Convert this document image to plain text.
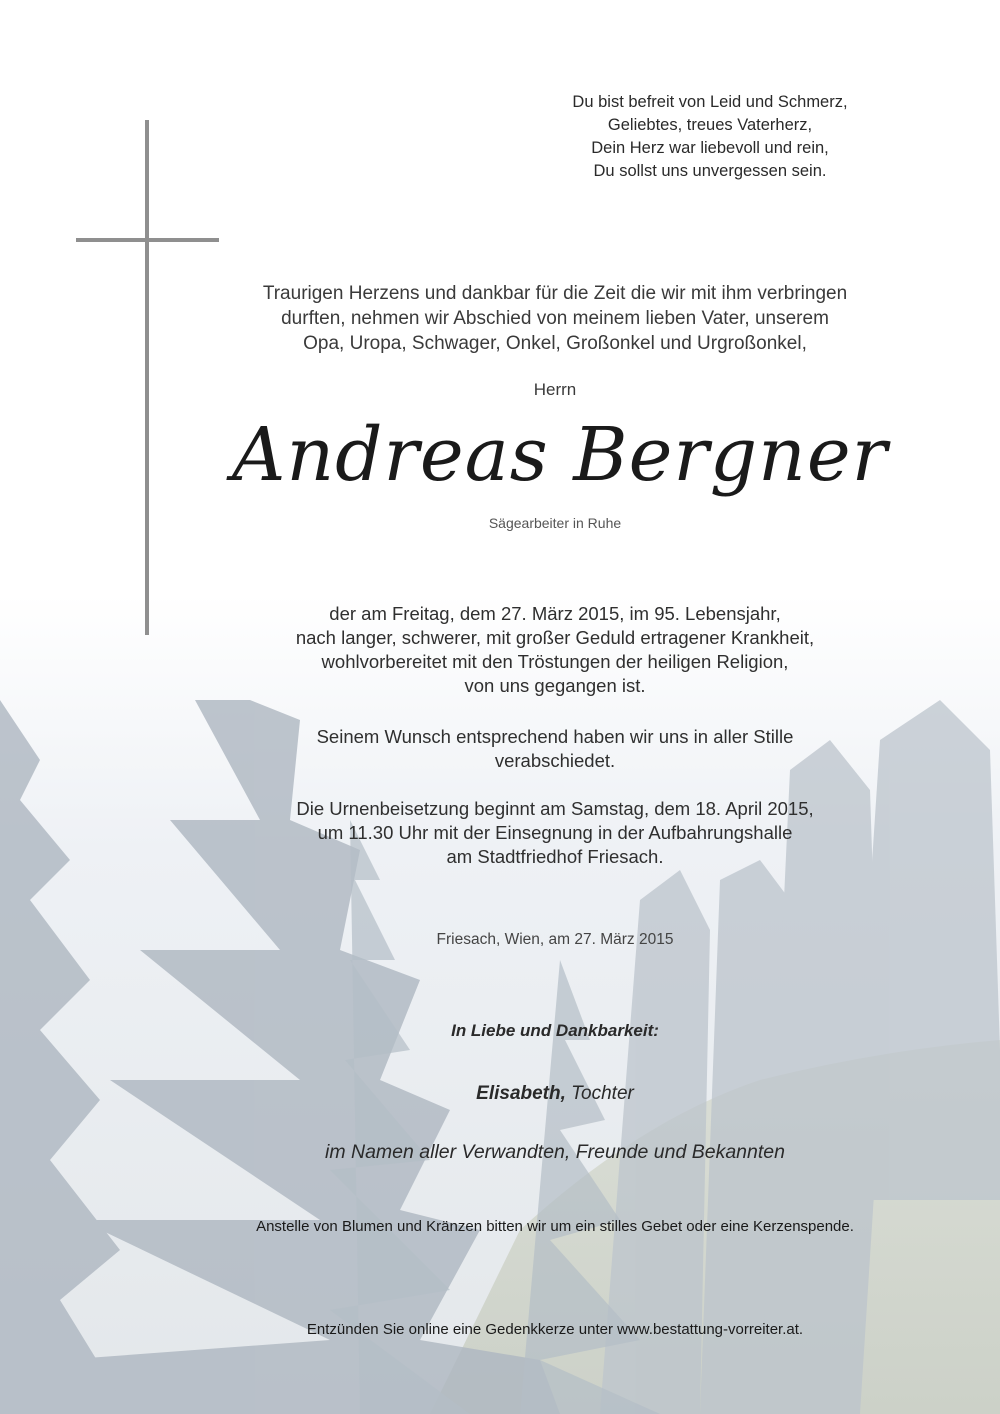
Du bist befreit von Leid und Schmerz,
Geliebtes, treues Vaterherz,
Dein Herz war liebevoll und rein,
Du sollst uns unvergessen sein.
Traurigen Herzens und dankbar für die Zeit die wir mit ihm verbringen
durften, nehmen wir Abschied von meinem lieben Vater, unserem
Opa, Uropa, Schwager, Onkel, Großonkel und Urgroßonkel,
Herrn
Andreas Bergner
Sägearbeiter in Ruhe
der am Freitag, dem 27. März 2015, im 95. Lebensjahr,
nach langer, schwerer, mit großer Geduld ertragener Krankheit,
wohlvorbereitet mit den Tröstungen der heiligen Religion,
von uns gegangen ist.
Seinem Wunsch entsprechend haben wir uns in aller Stille
verabschiedet.
Die Urnenbeisetzung beginnt am Samstag, dem 18. April 2015,
um 11.30 Uhr mit der Einsegnung in der Aufbahrungshalle
am Stadtfriedhof Friesach.
Friesach, Wien, am 27. März 2015
In Liebe und Dankbarkeit:
Elisabeth, Tochter
im Namen aller Verwandten, Freunde und Bekannten
Anstelle von Blumen und Kränzen bitten wir um ein stilles Gebet oder eine Kerzenspende.
Entzünden Sie online eine Gedenkkerze unter www.bestattung-vorreiter.at.
